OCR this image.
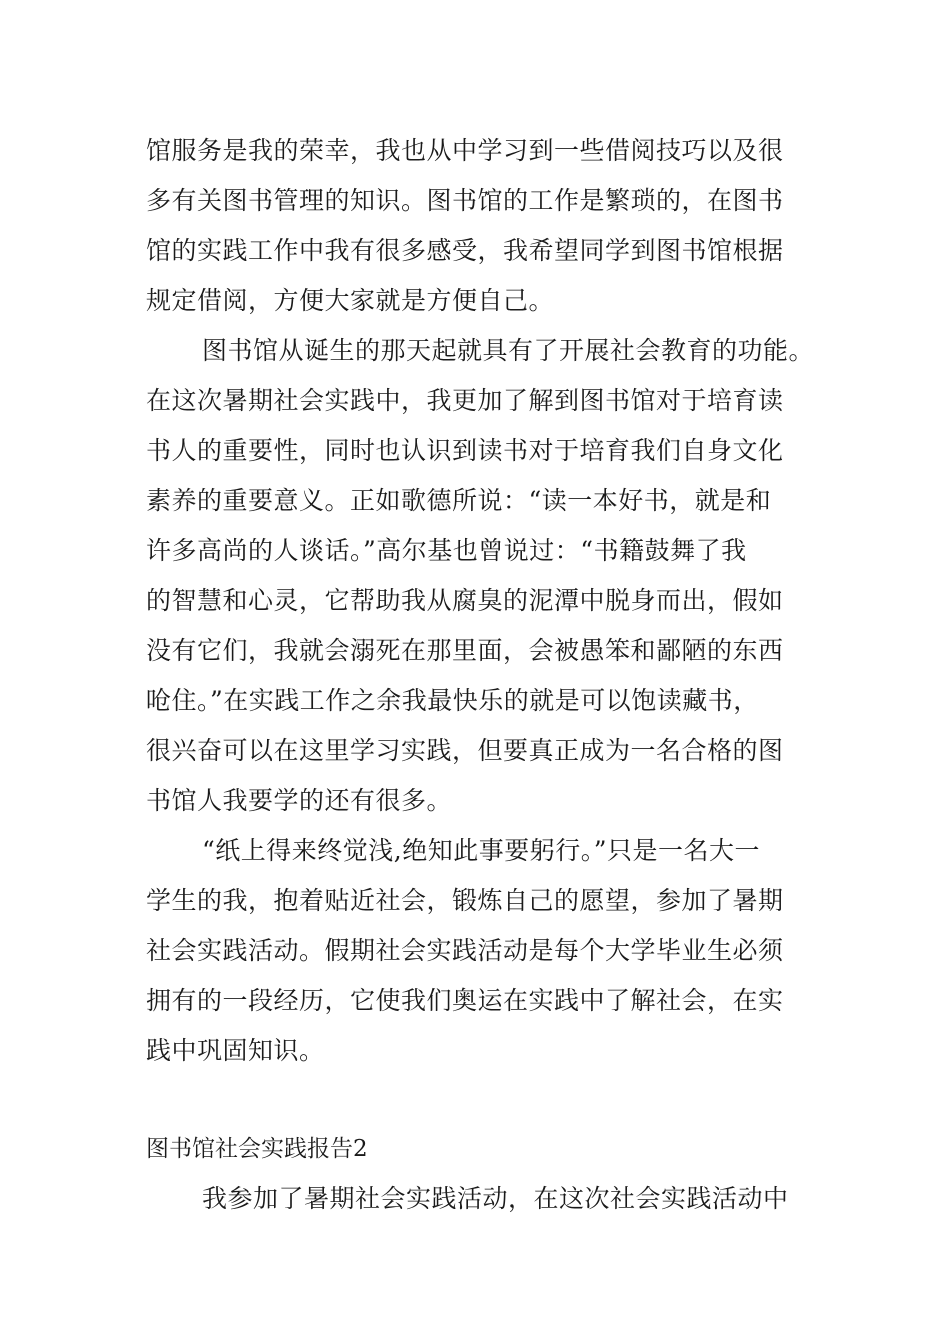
馆服务是我的荣幸，我也从中学习到一些借阅技巧以及很
多有关图书管理的知识。图书馆的工作是繁琐的，在图书
馆的实践工作中我有很多感受，我希望同学到图书馆根据
规定借阅，方便大家就是方便自己。
图书馆从诞生的那天起就具有了开展社会教育的功能。
在这次暑期社会实践中，我更加了解到图书馆对于培育读
书人的重要性，同时也认识到读书对于培育我们自身文化
素养的重要意义。正如歌德所说：“读一本好书，就是和
许多高尚的人谈话。”高尔基也曾说过：“书籍鼓舞了我
的智慧和心灵，它帮助我从腐臭的泥潭中脱身而出，假如
没有它们，我就会溺死在那里面，会被愚笨和鄙陋的东西
呛住。”在实践工作之余我最快乐的就是可以饱读藏书，
很兴奋可以在这里学习实践，但要真正成为一名合格的图
书馆人我要学的还有很多。
“纸上得来终觉浅,绝知此事要躬行。”只是一名大一
学生的我，抱着贴近社会，锻炼自己的愿望，参加了暑期
社会实践活动。假期社会实践活动是每个大学毕业生必须
拥有的一段经历，它使我们奥运在实践中了解社会，在实
践中巩固知识。
图书馆社会实践报告2
我参加了暑期社会实践活动，在这次社会实践活动中
